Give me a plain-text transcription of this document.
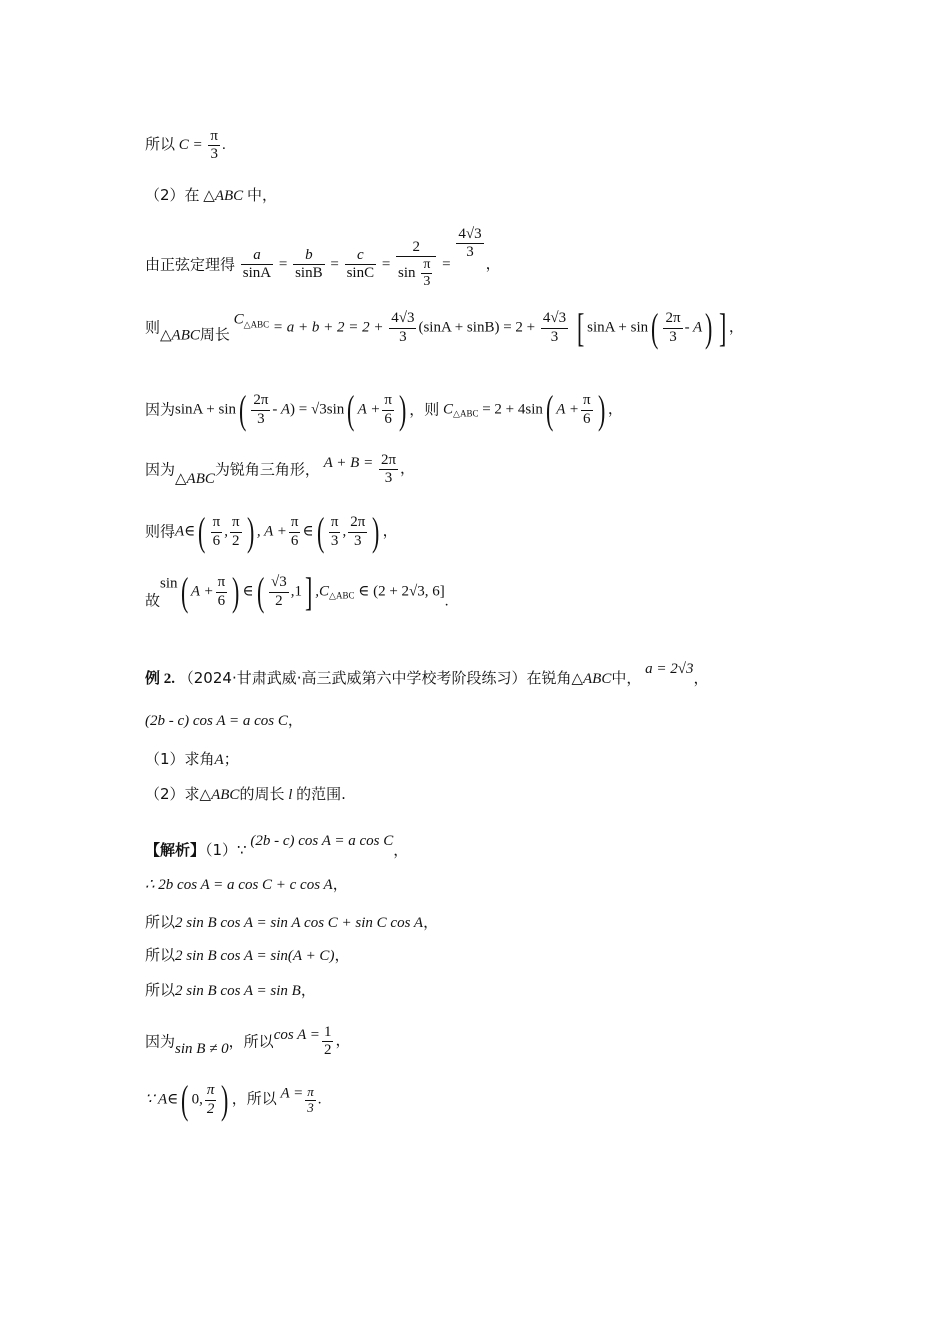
所以 $C = \frac{\pi}{3}$ .
（2）在 △ABC 中，
由正弦定理得 $\frac{a}{\sin A} = \frac{b}{\sin B} = \frac{c}{\sin C} = \frac{2}{\sin \frac{\pi}{3}}$ =
$\frac{4√3}{3}$
，
则△ABC周长 $C^{\triangle ABC} = a + b + 2 = 2 + \frac{4√3}{3} (\sin A + \sin B) = 2 + \frac{4√3}{3}$ [ $\sin A + \sin( \frac{2\pi}{3} - A)$ ] ，
因为$\sin A + \sin( \frac{2\pi}{3} - A) = √3\sin$( $A + \frac{\pi}{6}$ ) ，则 $C_{\triangle ABC} = 2 + 4\sin$( $A + \frac{\pi}{6}$ ) ，
因为△ABC为锐角三角形， $A + B = \frac{2\pi}{3}$ ，
则得A∈( $\frac{\pi}{6}$ , $\frac{\pi}{2}$ ) , $A + \frac{\pi}{6}$ ∈( $\frac{\pi}{3}$ , $\frac{2\pi}{3}$ ) ，
故sin( $A + \frac{\pi}{6}$ ) ∈( $\frac{√3}{2} ,1$] $,C_{\triangle ABC}$ ∈ (2 + 2√3, 6].
例 2. （2024·甘肃武威·高三武威第六中学校考阶段练习）在锐角△ABC中， a = 2√3，
(2b - c) cos A = a cos C，
（1）求角A；
（2）求△ABC的周长 l 的范围.
【解析】（1）∵ (2b - c) cos A = a cos C，
∴ 2b cos A = a cos C + c cos A，
所以2 sin B cos A = sin A cos C + sin C cos A，
所以2 sin B cos A = sin(A + C)，
所以2 sin B cos A = sin B，
因为sin B ≠ 0，所以$\cos A = \frac{1}{2}$ ，
∵ A∈( 0, $\frac{\pi}{2}$ ) ，所以 $A = \frac{\pi}{3}$ .
